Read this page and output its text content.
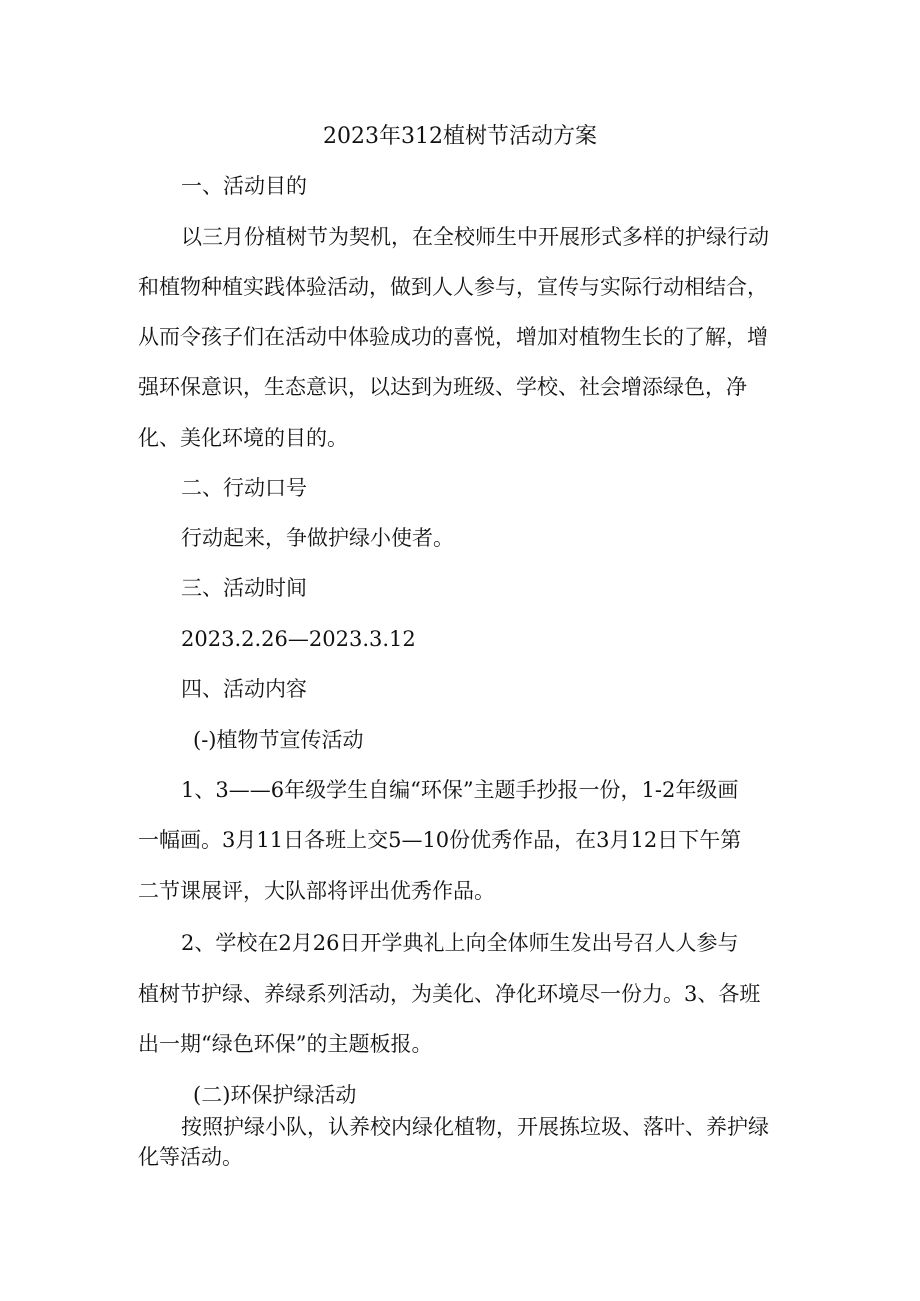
2023年312植树节活动方案
一、活动目的
以三月份植树节为契机，在全校师生中开展形式多样的护绿行动
和植物种植实践体验活动，做到人人参与，宣传与实际行动相结合，
从而令孩子们在活动中体验成功的喜悦，增加对植物生长的了解，增
强环保意识，生态意识，以达到为班级、学校、社会增添绿色，净
化、美化环境的目的。
二、行动口号
行动起来，争做护绿小使者。
三、活动时间
2023.2.26—2023.3.12
四、活动内容
(-)植物节宣传活动
1、3——6年级学生自编“环保”主题手抄报一份，1-2年级画
一幅画。3月11日各班上交5—10份优秀作品，在3月12日下午第
二节课展评，大队部将评出优秀作品。
2、学校在2月26日开学典礼上向全体师生发出号召人人参与
植树节护绿、养绿系列活动，为美化、净化环境尽一份力。3、各班
出一期“绿色环保”的主题板报。
(二)环保护绿活动
按照护绿小队，认养校内绿化植物，开展拣垃圾、落叶、养护绿
化等活动。
